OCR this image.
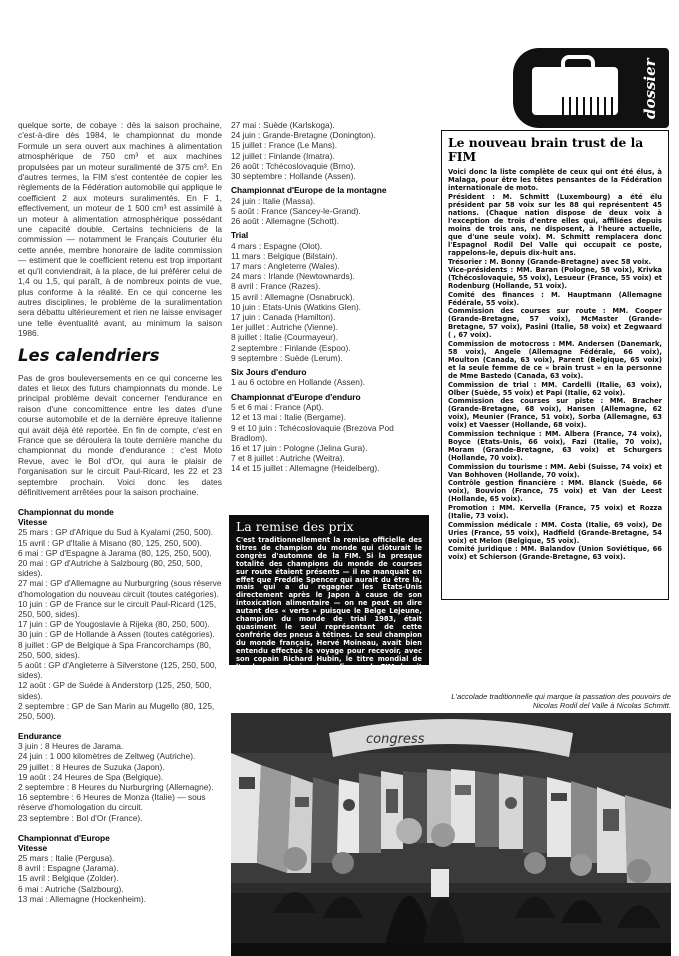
dossier

quelque sorte, de cobaye : dès la saison prochaine, c'est-à-dire dès 1984, le championnat du monde Formule un sera ouvert aux machines à alimentation atmosphérique de 750 cm³ et aux machines propulsées par un moteur suralimenté de 375 cm³. En d'autres termes, la FIM s'est contentée de copier les règlements de la Fédération automobile qui applique le coefficient 2 aux moteurs suralimentés. En F 1, effectivement, un moteur de 1 500 cm³ est assimilé à un moteur à alimentation atmosphérique possédant une capacité double. Certains techniciens de la commission — notamment le Français Couturier élu cette année, membre honoraire de ladite commission — estiment que le coefficient retenu est trop important et qu'il conviendrait, à la place, de lui préférer celui de 1,4 ou 1,5, qui paraît, à de nombreux points de vue, plus conforme à la réalité. En ce qui concerne les autres disciplines, le problème de la suralimentation sera débattu ultérieurement et rien ne laisse envisager une telle éventualité avant, au minimum la saison 1986.

Les calendriers

Pas de gros bouleversements en ce qui concerne les dates et lieux des futurs championnats du monde. Le principal problème devait concerner l'endurance en raison d'une concomittence entre les dates d'une course automobile et de la dernière épreuve italienne qui avait déjà été reportée. En fin de compte, c'est en France que se déroulera la toute dernière manche du championnat du monde d'endurance : c'est Moto Revue, avec le Bol d'Or, qui aura le plaisir de l'organisation sur le circuit Paul-Ricard, les 22 et 23 septembre prochain. Voici donc les dates définitivement arrêtées pour la saison prochaine.

Championnat du monde
Vitesse
25 mars : GP d'Afrique du Sud à Kyalami (250, 500).
15 avril : GP d'Italie à Misano (80, 125, 250, 500).
6 mai : GP d'Espagne à Jarama (80, 125, 250, 500).
20 mai : GP d'Autriche à Salzbourg (80, 250, 500, sides).
27 mai : GP d'Allemagne au Nurburgring (sous réserve d'homologation du nouveau circuit (toutes catégories).
10 juin : GP de France sur le circuit Paul-Ricard (125, 250, 500, sides).
17 juin : GP de Yougoslavie à Rijeka (80, 250, 500).
30 juin : GP de Hollande à Assen (toutes catégories).
8 juillet : GP de Belgique à Spa Francorchamps (80, 250, 500, sides).
5 août : GP d'Angleterre à Silverstone (125, 250, 500, sides).
12 août : GP de Suède à Anderstorp (125, 250, 500, sides).
2 septembre : GP de San Marin au Mugello (80, 125, 250, 500).
Endurance
3 juin : 8 Heures de Jarama.
24 juin : 1 000 kilomètres de Zeltweg (Autriche).
29 juillet : 8 Heures de Suzuka (Japon).
19 août : 24 Heures de Spa (Belgique).
2 septembre : 8 Heures du Nurburgring (Allemagne).
16 septembre : 6 Heures de Monza (Italie) — sous réserve d'homologation du circuit.
23 septembre : Bol d'Or (France).
Championnat d'Europe
Vitesse
25 mars : Italie (Pergusa).
8 avril : Espagne (Jarama).
15 avril : Belgique (Zolder).
6 mai : Autriche (Salzbourg).
13 mai : Allemagne (Hockenheim).
27 mai : Suède (Karlskoga).
24 juin : Grande-Bretagne (Donington).
15 juillet : France (Le Mans).
12 juillet : Finlande (Imatra).
26 août : Tchécoslovaquie (Brno).
30 septembre : Hollande (Assen).
Championnat d'Europe de la montagne
24 juin : Italie (Massa).
5 août : France (Sancey-le-Grand).
26 août : Allemagne (Schott).
Trial
4 mars : Espagne (Olot).
11 mars : Belgique (Bilstain).
17 mars : Angleterre (Wales).
24 mars : Irlande (Newtownards).
8 avril : France (Razes).
15 avril : Allemagne (Osnabruck).
10 juin : Etats-Unis (Watkins Glen).
17 juin : Canada (Hamilton).
1er juillet : Autriche (Vienne).
8 juillet : Italie (Courmayeur).
2 septembre : Finlande (Espoo).
9 septembre : Suède (Lerum).
Six Jours d'enduro
1 au 6 octobre en Hollande (Assen).
Championnat d'Europe d'enduro
5 et 6 mai : France (Apt).
12 et 13 mai : Italie (Bergame).
9 et 10 juin : Tchécoslovaquie (Brezova Pod Bradlom).
16 et 17 juin : Pologne (Jelina Gura).
7 et 8 juillet : Autriche (Weitra).
14 et 15 juillet : Allemagne (Heidelberg).
La remise des prix
C'est traditionnellement la remise officielle des titres de champion du monde qui clôturait le congrès d'automne de la FIM. Si la presque totalité des champions du monde de courses sur route étaient présents — il ne manquait en effet que Freddie Spencer qui aurait du être là, mais qui a du regagner les Etats-Unis directement après le Japon à cause de son intoxication alimentaire — on ne peut en dire autant des « verts » puisque le Belge Lejeune, champion du monde de trial 1983, était quasiment le seul représentant de cette confrérie des pneus à tétines. Le seul champion du monde français, Hervé Moineau, avait bien entendu effectué le voyage pour recevoir, avec son copain Richard Hubin, le titre mondial de l'endurance. A signaler enfin que la FIM devait décerner une médaille aussi amicale que honorifique à son membre le moins jeune. Il s'agit de notre compatriote Pierre Fragnaud, âgé de quatre-vingt-six ans et qui paraît ma foi, aussi offensif et en forme que pas mal de
Le nouveau brain trust de la FIM

Voici donc la liste complète de ceux qui ont été élus, à Malaga, pour être les têtes pensantes de la Fédération internationale de moto.

Président : M. Schmitt (Luxembourg) a été élu président par 58 voix sur les 88 qui représentent 45 nations. (Chaque nation dispose de deux voix à l'exception de trois d'entre elles qui, affiliées depuis moins de trois ans, ne disposent, à l'heure actuelle, que d'une seule voix). M. Schmitt remplacera donc l'Espagnol Rodil Del Valle qui occupait ce poste, rappelons-le, depuis dix-huit ans.

Trésorier : M. Bonny (Grande-Bretagne) avec 58 voix.

Vice-présidents : MM. Baran (Pologne, 58 voix), Krivka (Tchécoslovaquie, 55 voix), Lesueur (France, 55 voix) et Rodenburg (Hollande, 51 voix).

Comité des finances : M. Hauptmann (Allemagne Fédérale, 55 voix).

Commission des courses sur route : MM. Cooper (Grande-Bretagne, 57 voix), McMaster (Grande-Bretagne, 57 voix), Pasini (Italie, 58 voix) et Zegwaard ( , 67 voix).

Commission de motocross : MM. Andersen (Danemark, 58 voix), Angele (Allemagne Fédérale, 66 voix), Moulton (Canada, 63 voix), Parent (Belgique, 65 voix) et la seule femme de ce « brain trust » en la personne de Mme Bastedo (Canada, 63 voix).

Commission de trial : MM. Cardelli (Italie, 63 voix), Olber (Suède, 55 voix) et Papi (Italie, 62 voix).

Commission des courses sur piste : MM. Bracher (Grande-Bretagne, 68 voix), Hansen (Allemagne, 62 voix), Meunier (France, 51 voix), Sorba (Allemagne, 63 voix) et Vaesser (Hollande, 68 voix).

Commission technique : MM. Albera (France, 74 voix), Boyce (Etats-Unis, 66 voix), Fazi (Italie, 70 voix), Moram (Grande-Bretagne, 63 voix) et Schurgers (Hollande, 70 voix).

Commission du tourisme : MM. Aebi (Suisse, 74 voix) et Van Bohhoven (Hollande, 70 voix).

Contrôle gestion financière : MM. Blanck (Suède, 66 voix), Bouvion (France, 75 voix) et Van der Leest (Hollande, 65 voix).

Promotion : MM. Kervella (France, 75 voix) et Rozza (Italie, 73 voix).

Commission médicale : MM. Costa (Italie, 69 voix), De Uries (France, 55 voix), Hadfield (Grande-Bretagne, 54 voix) et Melon (Belgique, 55 voix).

Comité juridique : MM. Balandov (Union Soviétique, 66 voix) et Schierson (Grande-Bretagne, 63 voix).

L'accolade traditionnelle qui marque la passation des pouvoirs de Nicolas Rodil del Valle à Nicolas Schmitt.
congress
